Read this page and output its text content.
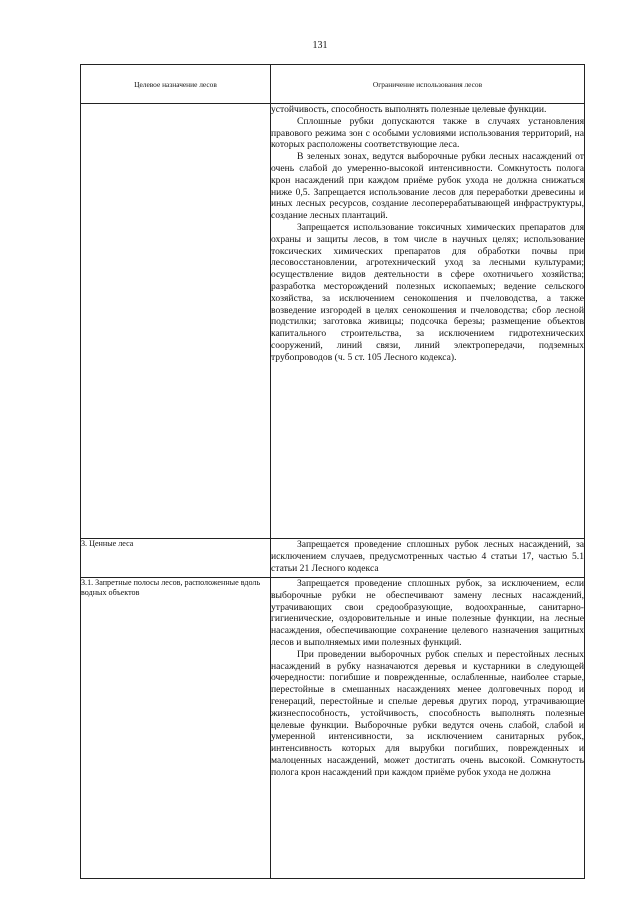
131
Целевое назначение лесов	Ограничение использования лесов

	устойчивость, способность выполнять полезные целевые функции.

Сплошные рубки допускаются также в случаях установления правового режима зон с особыми условиями использования территорий, на которых расположены соответствующие леса.

В зеленых зонах, ведутся выборочные рубки лесных насаждений от очень слабой до умеренно-высокой интенсивности. Сомкнутость полога крон насаждений при каждом приёме рубок ухода не должна снижаться ниже 0,5. Запрещается использование лесов для переработки древесины и иных лесных ресурсов, создание лесоперерабатывающей инфраструктуры, создание лесных плантаций.

Запрещается использование токсичных химических препаратов для охраны и защиты лесов, в том числе в научных целях; использование токсических химических препаратов для обработки почвы при лесовосстановлении, агротехнический уход за лесными культурами; осуществление видов деятельности в сфере охотничьего хозяйства; разработка месторождений полезных ископаемых; ведение сельского хозяйства, за исключением сенокошения и пчеловодства, а также возведение изгородей в целях сенокошения и пчеловодства; сбор лесной подстилки; заготовка живицы; подсочка березы; размещение объектов капитального строительства, за исключением гидротехнических сооружений, линий связи, линий электропередачи, подземных трубопроводов (ч. 5 ст. 105 Лесного кодекса).

3. Ценные леса	Запрещается проведение сплошных рубок лесных насаждений, за исключением случаев, предусмотренных частью 4 статьи 17, частью 5.1 статьи 21 Лесного кодекса

3.1. Запретные полосы лесов, расположенные вдоль водных объектов	Запрещается проведение сплошных рубок, за исключением, если выборочные рубки не обеспечивают замену лесных насаждений, утрачивающих свои средообразующие, водоохранные, санитарно-гигиенические, оздоровительные и иные полезные функции, на лесные насаждения, обеспечивающие сохранение целевого назначения защитных лесов и выполняемых ими полезных функций.

При проведении выборочных рубок спелых и перестойных лесных насаждений в рубку назначаются деревья и кустарники в следующей очередности: погибшие и поврежденные, ослабленные, наиболее старые, перестойные в смешанных насаждениях менее долговечных пород и генераций, перестойные и спелые деревья других пород, утрачивающие жизнеспособность, устойчивость, способность выполнять полезные целевые функции. Выборочные рубки ведутся очень слабой, слабой и умеренной интенсивности, за исключением санитарных рубок, интенсивность которых для вырубки погибших, поврежденных и малоценных насаждений, может достигать очень высокой. Сомкнутость полога крон насаждений при каждом приёме рубок ухода не должна
